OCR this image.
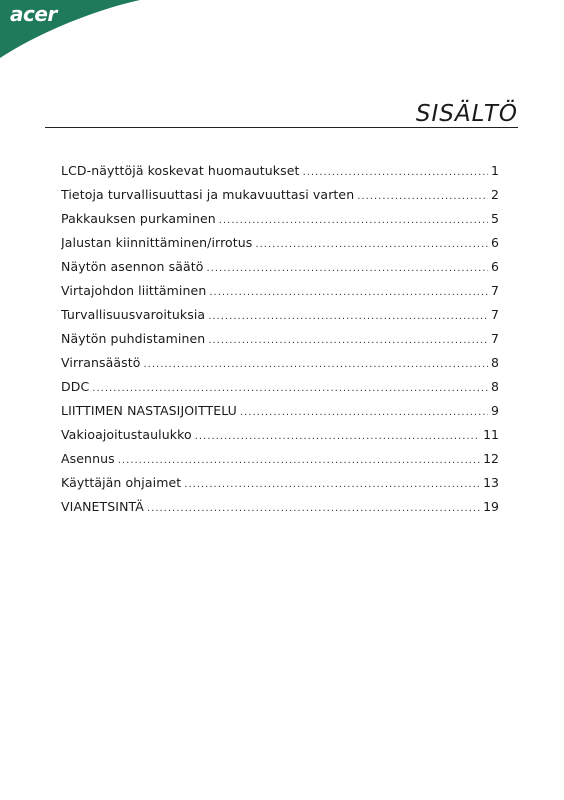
acer
SISÄLTÖ
LCD-näyttöjä koskevat huomautukset .....	1
Tietoja turvallisuuttasi ja mukavuuttasi varten .....	2
Pakkauksen purkaminen .....	5
Jalustan kiinnittäminen/irrotus .....	6
Näytön asennon säätö .....	6
Virtajohdon liittäminen .....	7
Turvallisuusvaroituksia .....	7
Näytön puhdistaminen .....	7
Virransäästö .....	8
DDC .....	8
LIITTIMEN NASTASIJOITTELU .....	9
Vakioajoitustaulukko .....	11
Asennus .....	12
Käyttäjän ohjaimet .....	13
VIANETSINTÄ .....	19
